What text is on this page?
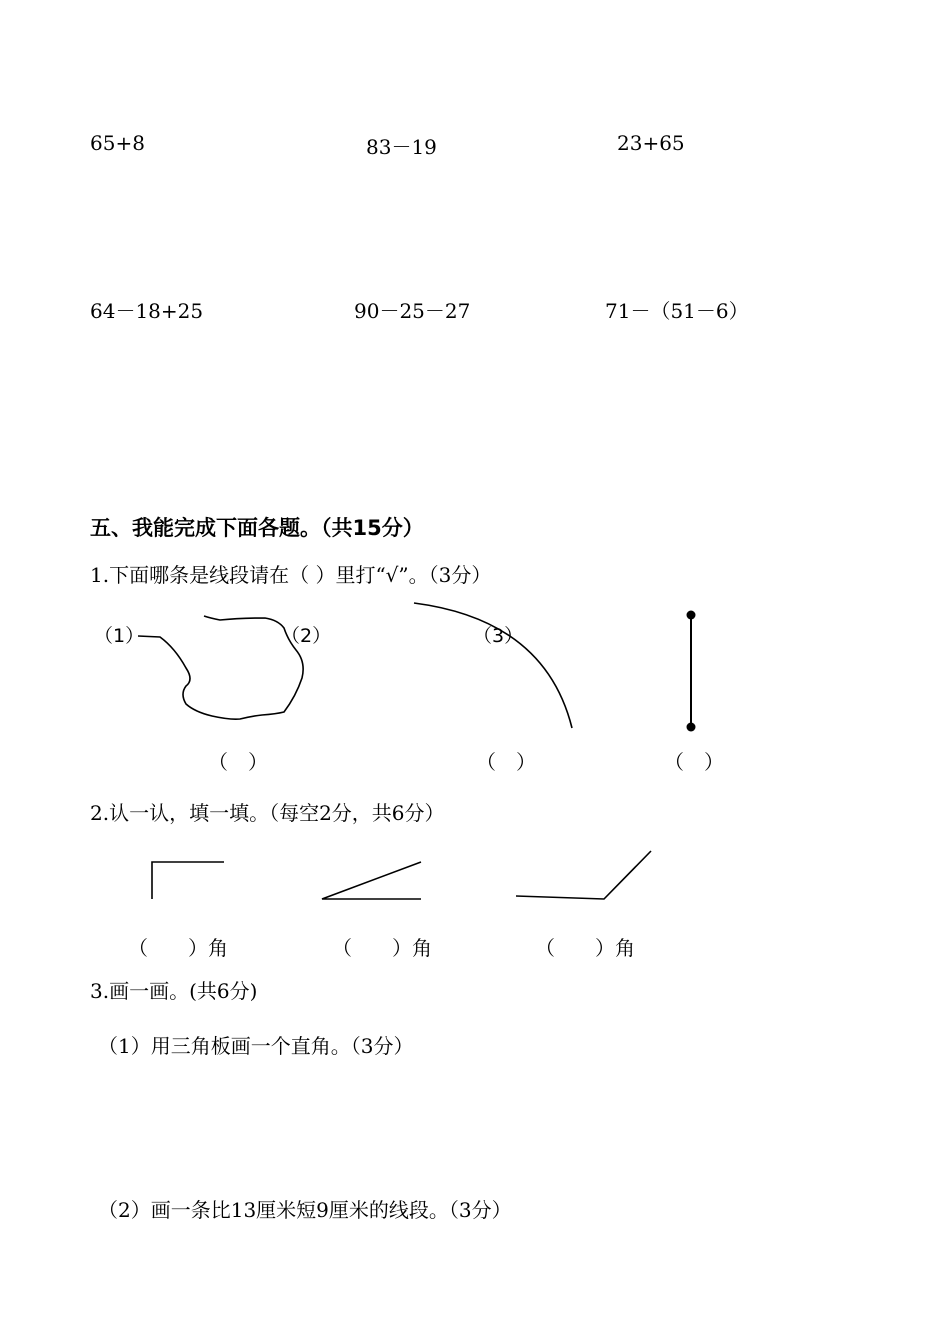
65+8	83－19	23+65
64－18+25	90－25－27	71－（51－6）
五、我能完成下面各题。（共15分）
1.下面哪条是线段请在（ ）里打“√”。（3分）
（1）	（2）	（3）
（　）	（　）	（　）
2.认一认，填一填。（每空2分，共6分）
（　　）角	（　　）角	（　　）角
3.画一画。(共6分)
（1）用三角板画一个直角。（3分）
（2）画一条比13厘米短9厘米的线段。（3分）
